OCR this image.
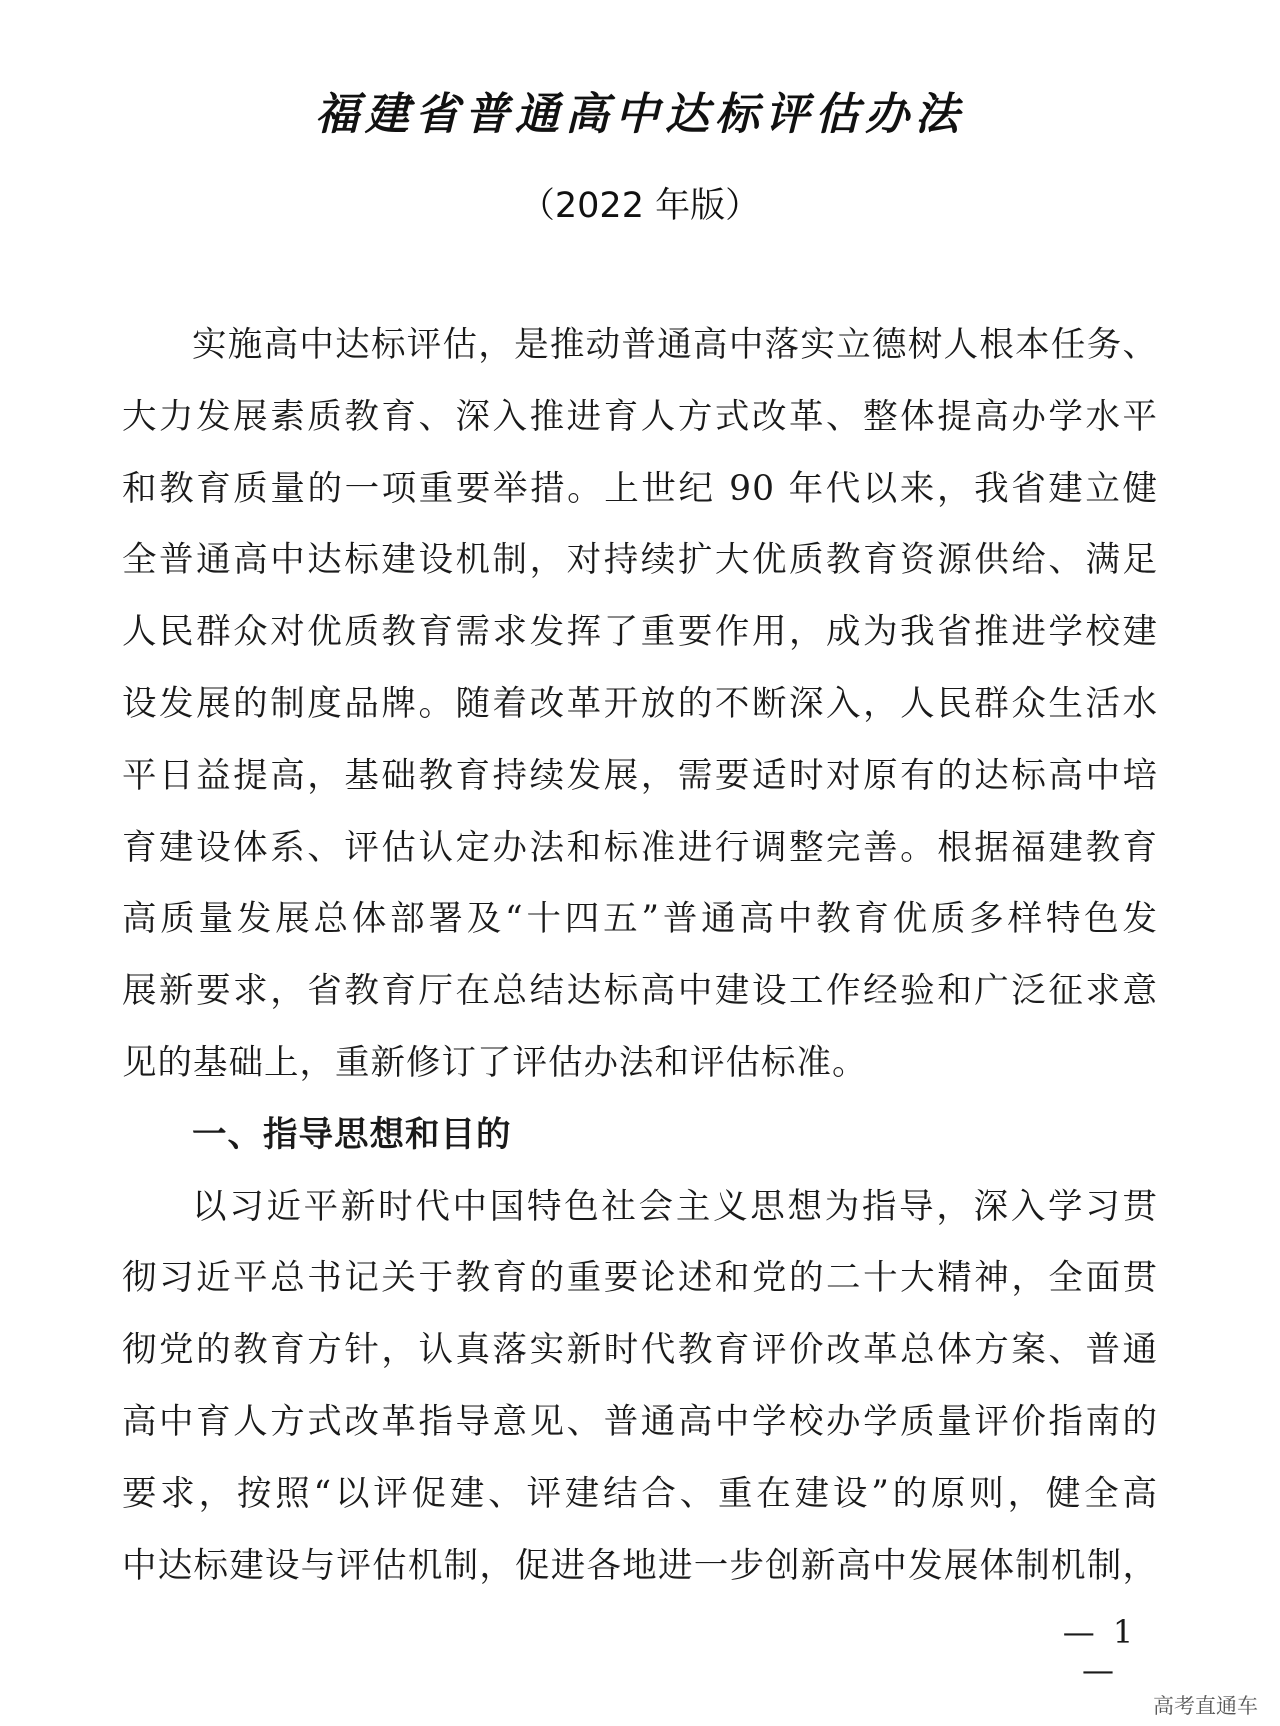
福建省普通高中达标评估办法
（2022 年版）
实施高中达标评估，是推动普通高中落实立德树人根本任务、
大力发展素质教育、深入推进育人方式改革、整体提高办学水平
和教育质量的一项重要举措。上世纪 90 年代以来，我省建立健
全普通高中达标建设机制，对持续扩大优质教育资源供给、满足
人民群众对优质教育需求发挥了重要作用，成为我省推进学校建
设发展的制度品牌。随着改革开放的不断深入，人民群众生活水
平日益提高，基础教育持续发展，需要适时对原有的达标高中培
育建设体系、评估认定办法和标准进行调整完善。根据福建教育
高质量发展总体部署及“十四五”普通高中教育优质多样特色发
展新要求，省教育厅在总结达标高中建设工作经验和广泛征求意
见的基础上，重新修订了评估办法和评估标准。
一、指导思想和目的
以习近平新时代中国特色社会主义思想为指导，深入学习贯
彻习近平总书记关于教育的重要论述和党的二十大精神，全面贯
彻党的教育方针，认真落实新时代教育评价改革总体方案、普通
高中育人方式改革指导意见、普通高中学校办学质量评价指南的
要求，按照“以评促建、评建结合、重在建设”的原则，健全高
中达标建设与评估机制，促进各地进一步创新高中发展体制机制，
— 1 —
高考直通车
